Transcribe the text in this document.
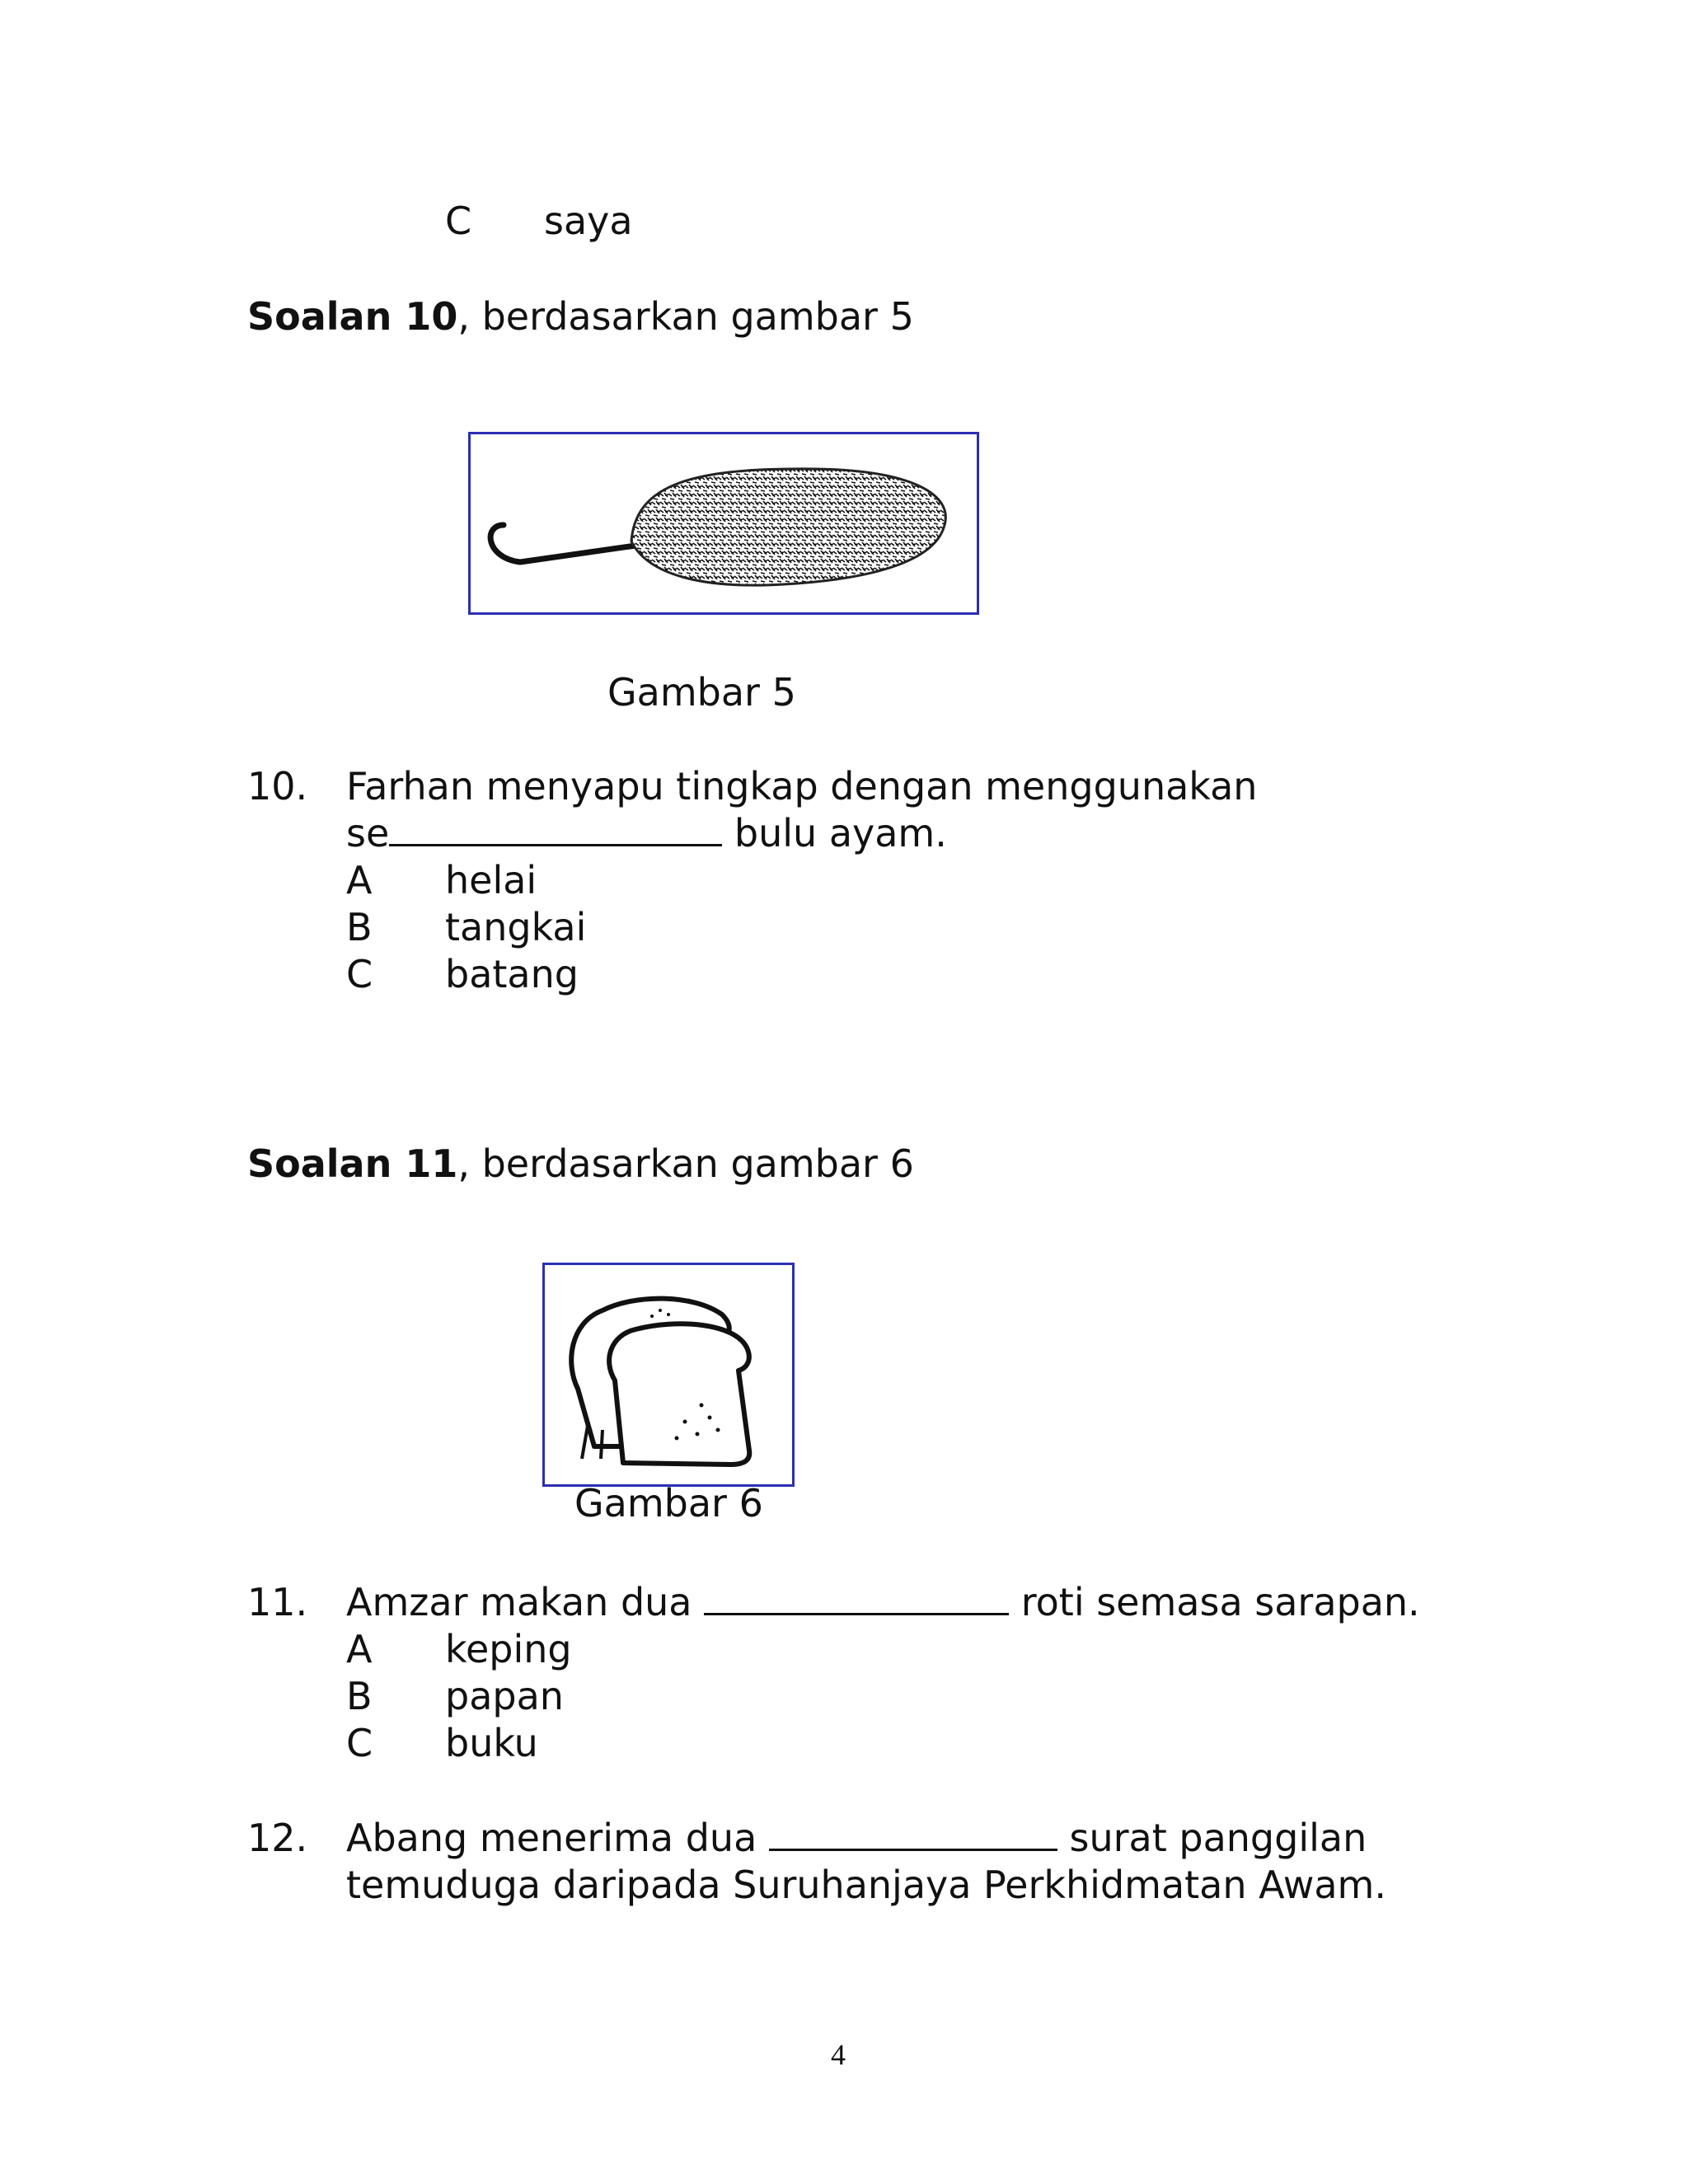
C saya
Soalan 10, berdasarkan gambar 5
Gambar 5
10. Farhan menyapu tingkap dengan menggunakan
se	bulu ayam.
A helai
B tangkai
C batang
Soalan 11, berdasarkan gambar 6
Gambar 6
11. Amzar makan dua	roti semasa sarapan.
A keping
B papan
C buku
12. Abang menerima dua	surat panggilan
temuduga daripada Suruhanjaya Perkhidmatan Awam.
4
